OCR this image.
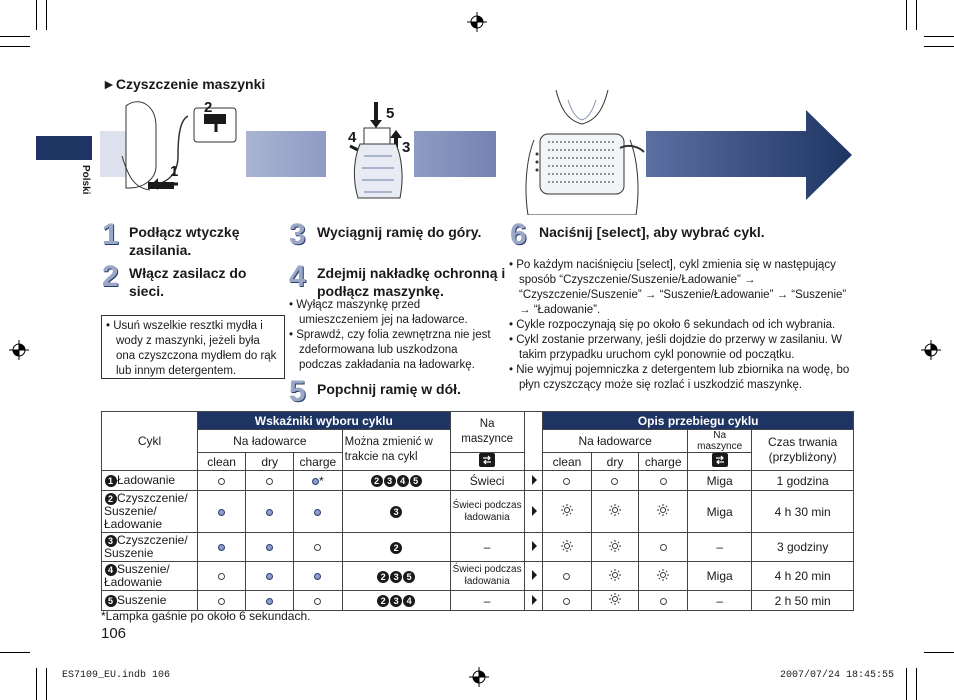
►Czyszczenie maszynki
Polski	1
2	5
4
3
1 Podłącz wtyczkę zasilania.
2 Włącz zasilacz do sieci.

• Usuń wszelkie resztki mydła i wody z maszynki, jeżeli była ona czyszczona mydłem do rąk lub innym detergentem.

3 Wyciągnij ramię do góry.
4 Zdejmij nakładkę ochronną i podłącz maszynkę.

• Wyłącz maszynkę przed umieszczeniem jej na ładowarce.

• Sprawdź, czy folia zewnętrzna nie jest zdeformowana lub uszkodzona podczas zakładania na ładowarkę.

5 Popchnij ramię w dół.
6 Naciśnij [select], aby wybrać cykl.

• Po każdym naciśnięciu [select], cykl zmienia się w następujący sposób “Czyszczenie/Suszenie/Ładowanie” → “Czyszczenie/Suszenie” → “Suszenie/Ładowanie” → “Suszenie” → “Ładowanie”.

• Cykle rozpoczynają się po około 6 sekundach od ich wybrania.

• Cykl zostanie przerwany, jeśli dojdzie do przerwy w zasilaniu. W takim przypadku uruchom cykl ponownie od początku.

• Nie wyjmuj pojemniczka z detergentem lub zbiornika na wodę, bo płyn czyszczący może się rozlać i uszkodzić maszynkę.

Cykl	Wskaźniki wyboru cyklu				Na maszynce		Opis przebiegu cyklu				
	Na ładowarce			Można zmienić w trakcie na cykl			Na ładowarce			Na maszynce	Czas trwania (przybliżony)
	clean	dry	charge				clean	dry	charge	
1 Ładowanie			*	2 3 4 5	Świeci					Miga	1 godzina
2 Czyszczenie/ Suszenie/ Ładowanie				3	Świeci podczas ładowania					Miga	4 h 30 min
3 Czyszczenie/ Suszenie				2	–					–	3 godziny
4 Suszenie/ Ładowanie				2 3 5	Świeci podczas ładowania					Miga	4 h 20 min
5 Suszenie				2 3 4	–					–	2 h 50 min
*Lampka gaśnie po około 6 sekundach.
106
ES7109_EU.indb 106	2007/07/24 18:45:55
